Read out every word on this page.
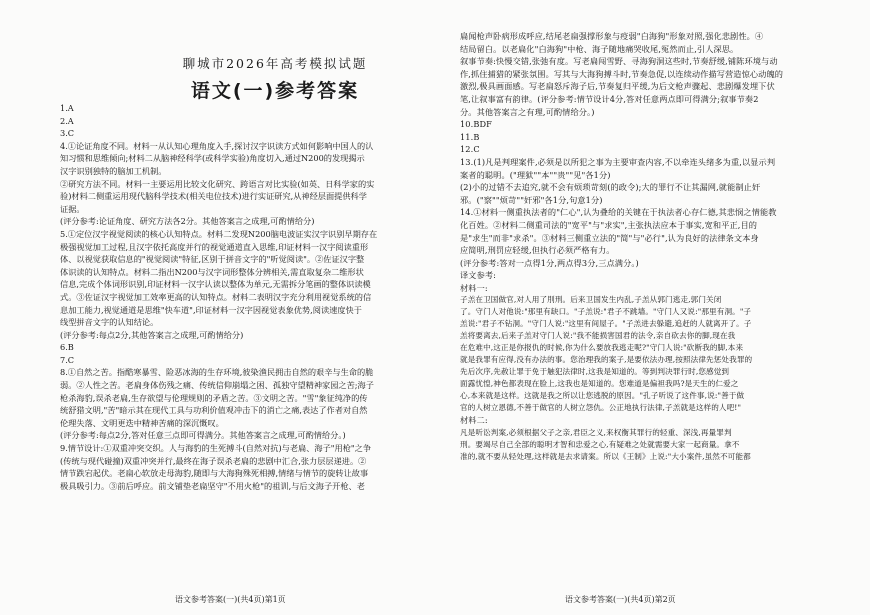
聊城市2026年高考模拟试题
语文(一)参考答案

1.A

2.A

3.C

4.①论证角度不同。材料一从认知心理角度入手,探讨汉字识读方式如何影响中国人的认

知习惯和思维倾向;材料二从脑神经科学(或科学实验)角度切入,通过N200的发现揭示

汉字识别独特的脑加工机制。

②研究方法不同。材料一主要运用比较文化研究、跨语言对比实验(如英、日科学家的实

验)材料二侧重运用现代脑科学技术(相关电位技术)进行实证研究,从神经层面提供科学

证据。

(评分参考:论证角度、研究方法各2分。其他答案言之成理,可酌情给分)

5.①定位汉字视觉阅读的核心认知特点。材料二发现N200脑电波证实汉字识别早期存在

极强视觉加工过程,且汉字依托高度并行的视觉通道直入思维,印证材料一汉字阅读重形

体、以视觉获取信息的"视觉阅读"特征,区别于拼音文字的"听觉阅读"。②佐证汉字整

体识读的认知特点。材料二指出N200与汉字词形整体分辨相关,需直取复杂二维形状

信息,完成个体词形识别,印证材料一汉字认读以整体为单元,无需拆分笔画的整体识读模

式。③佐证汉字视觉加工效率更高的认知特点。材料二表明汉字充分利用视觉系统的信

息加工能力,视觉通道是思维"快车道",印证材料一汉字因视觉表象优势,阅读速度快于

线型拼音文字的认知结论。

(评分参考:每点2分,其他答案言之成理,可酌情给分)

6.B

7.C

8.①自然之苦。指酷寒暴雪、险恶冰海的生存环境,彼染渔民拥击自然的艰辛与生命的脆

弱。②人性之苦。老扁身体伤残之痛、传统信仰崩塌之困、孤独守望精神家园之苦;海子

枪杀海豹,误杀老扁,生存欲望与伦理规则的矛盾之苦。③文明之苦。"雪"象征纯净的传

统舒猎文明,"苦"暗示其在现代工具与功利价值观冲击下的消亡之痛,表达了作者对自然

伦理失落、文明更迭中精神苦痛的深沉慨叹。

(评分参考:每点2分,答对任意三点即可得满分。其他答案言之成理,可酌情给分。)

9.情节设计:①双重冲突交织。人与海豹的生死搏斗(自然对抗)与老扁、海子"用枪"之争

(传统与现代碰撞)双重冲突并行,最终在海子误杀老扁的悲剧中汇合,张力层层递进。②

情节跌宕起伏。老扁心软放走母海豹,随即与大海狗殊死相搏,情绪与情节的旋转让故事

极具吸引力。③前后呼应。前文铺垫老扁坚守"不用火枪"的祖训,与后文海子开枪、老

扁闻枪声卧病形成呼应,结尾老扁强撑形象与疫弱"白海狗"形象对照,强化悲剧性。④

结局留白。以老扁化"白海狗"中枪、海子随地痛哭收尾,冤然而止,引人深思。

叙事节奏:快慢交错,张弛有度。写老扁闯雪野、寻海狗洞这些时,节奏舒缓,铺陈环境与动

作,抓住捕猎的紧张氛围。写其与大海狗搏斗时,节奏急促,以连续动作描写营造惊心动魄的

激烈,极具画面感。写老扁怒斥海子后,节奏复归平缓,为后文枪声骤起、悲剧爆发埋下伏

笔,让叙事富有韵律。(评分参考:情节设计4分,答对任意两点即可得满分;叙事节奏2

分。其他答案言之有理,可酌情给分。)

10.BDF

11.B

12.C

13.(1)凡是判理案件,必须是以所犯之事为主要审查内容,不以牵连头绪多为重,以显示判

案者的聪明。("理狱""本""贵""见"各1分)

(2)小的过错不去追究,就不会有烦琐苛刻(的政令);大的罪行不让其漏网,就能制止奸

邪。("察""烦苛""奸邪"各1分,句意1分)

14.①材料一侧重执法者的"仁心",认为叠给的关键在于执法者心存仁德,其悲悯之情能教

化百姓。②材料二侧重司法的"宽平"与"求实",主张执法应本于事实,宽和平正,目的

是"求生"而非"求杀"。③材料三侧重立法的"简"与"必行",认为良好的法律条文本身

应简明,刑罚应轻缓,但执行必须严格有力。

(评分参考:答对一点得1分,两点得3分,三点满分。)

译文参考:

材料一:

子羔在卫国做官,对人用了刖刑。后来卫国发生内乱,子羔从郭门逃走,郭门关闭

了。守门人对他说:"那里有缺口。"子羔说:"君子不跳墙。"守门人又说:"那里有洞。"子

羔说:"君子不钻洞。"守门人说:"这里有间屋子。"子羔进去躲避,追赶的人就离开了。子

羔将要离去,后来子羔对守门人说:"我不能损害国君的法令,亲自砍去你的脚,现在我

在危难中,这正是你报仇的时候,你为什么要放我逃走呢?"守门人说:"砍断我的脚,本来

就是我罪有应得,没有办法的事。您治理我的案子,是要依法办理,按照法律先惩处我罪的

先后次序,先赦让罪于免于触犯法律时,这我是知道的。等到判决罪行时,您感觉到

面露忧惶,神色都表现在脸上,这我也是知道的。您难道是偏袒我吗?是天生的仁爱之

心,本来就是这样。这就是我之所以让您逃脱的原因。"孔子听说了这件事,说:"善于做

官的人树立恩德,不善于做官的人树立怨仇。公正地执行法律,子羔就是这样的人吧!"

材料二:

凡是听讼判案,必须根据父子之亲,君臣之义,来权衡其罪行的轻重、深浅,再量罪判

刑。要竭尽自己全部的聪明才智和忠爱之心,有疑难之处就需要大家一起商量。拿不

准的,就不要从轻处理,这样就是去求请案。所以《王制》上说:"大小案件,虽然不可能都

语文参考答案(一)(共4页)第1页	语文参考答案(一)(共4页)第2页
